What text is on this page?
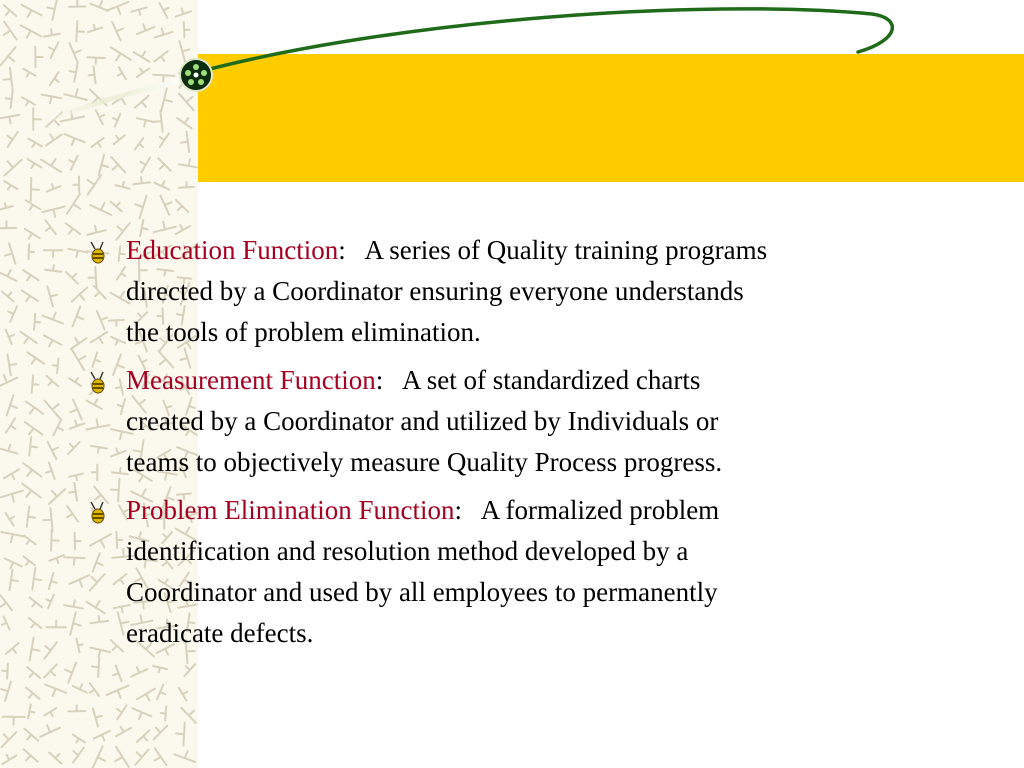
Education Function:   A series of Quality training programs
directed by a Coordinator ensuring everyone understands
the tools of problem elimination.
Measurement Function:   A set of standardized charts
created by a Coordinator and utilized by Individuals or
teams to objectively measure Quality Process progress.
Problem Elimination Function:   A formalized problem
identification and resolution method developed by a
Coordinator and used by all employees to permanently
eradicate defects.
